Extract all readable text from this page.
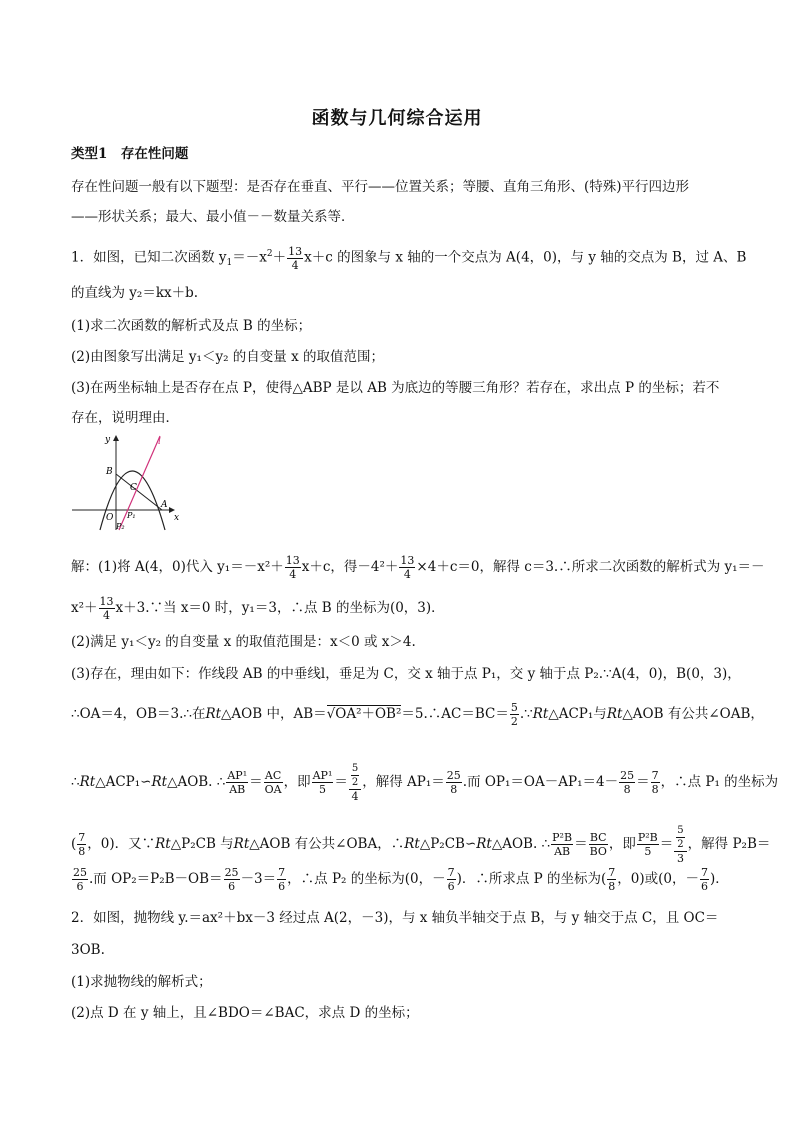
函数与几何综合运用
类型1　存在性问题
存在性问题一般有以下题型：是否存在垂直、平行——位置关系；等腰、直角三角形、(特殊)平行四边形
——形状关系；最大、最小值－－数量关系等．
1．如图，已知二次函数 $y_1=-x^2+ \frac{13}{4} x+c$ 的图象与 x 轴的一个交点为 A(4，0)，与 y 轴的交点为 B，过 A、B
的直线为 y₂＝kx＋b.
(1)求二次函数的解析式及点 B 的坐标；
(2)由图象写出满足 y₁＜y₂ 的自变量 x 的取值范围；
(3)在两坐标轴上是否存在点 P，使得△ABP 是以 AB 为底边的等腰三角形？若存在，求出点 P 的坐标；若不
存在，说明理由．
y
x
O
B
A
C
P₁
P₂
l
解：(1)将 A(4，0)代入 $y_1=-x^2+ \frac{13}{4} x+c$，得$-4^2+ \frac{13}{4} \times 4+c=0$，解得 c＝3.∴所求二次函数的解析式为 y₁＝－
$x^2+ \frac{13}{4}$ x＋3.∵当 x＝0 时，y₁＝3，∴点 B 的坐标为(0，3)．
(2)满足 y₁＜y₂ 的自变量 x 的取值范围是：x＜0 或 x＞4.
(3)存在，理由如下：作线段 AB 的中垂线l，垂足为 C，交 x 轴于点 P₁，交 y 轴于点 P₂.∵A(4，0)，B(0，3)，
∴OA＝4，OB＝3.∴在Rt△AOB 中，AB＝√OA²＋OB²＝5.∴AC＝BC＝ $\frac{5}{2}$ .∵Rt△ACP₁与Rt△AOB 有公共∠OAB，
∴Rt△ACP₁∽Rt△AOB. ∴ $\frac{\text{AP¹}}{AB} = \frac{AC}{OA}$ ，即 $\frac{\text{AP¹}}{5} = \frac{\frac{5}{2}}{4}$ ，解得 $AP_1= \frac{25}{8}$ .而 $OP_1=OA-AP_1=4- \frac{25}{8} = \frac{7}{8}$ ，∴点 P₁ 的坐标为
( $\frac{7}{8}$ ，0)．又∵Rt△P₂CB 与Rt△AOB 有公共∠OBA，∴Rt△P₂CB∽Rt△AOB. ∴ $\frac{\text{P²B}}{AB} = \frac{BC}{BO}$ ，即 $\frac{\text{P²B}}{5} = \frac{\frac{5}{2}}{3}$ ，解得 P₂B＝
$\frac{25}{6}$ .而 $OP_2=P_2B-OB= \frac{25}{6} -3= \frac{7}{6}$ ，∴点 P₂ 的坐标为(0，－ $\frac{7}{6}$ )．∴所求点 P 的坐标为( $\frac{7}{8}$ ，0)或(0，－ $\frac{7}{6}$ )．
2．如图，抛物线 y.＝ax²＋bx－3 经过点 A(2，－3)，与 x 轴负半轴交于点 B，与 y 轴交于点 C，且 OC＝
3OB.
(1)求抛物线的解析式；
(2)点 D 在 y 轴上，且∠BDO＝∠BAC，求点 D 的坐标；
